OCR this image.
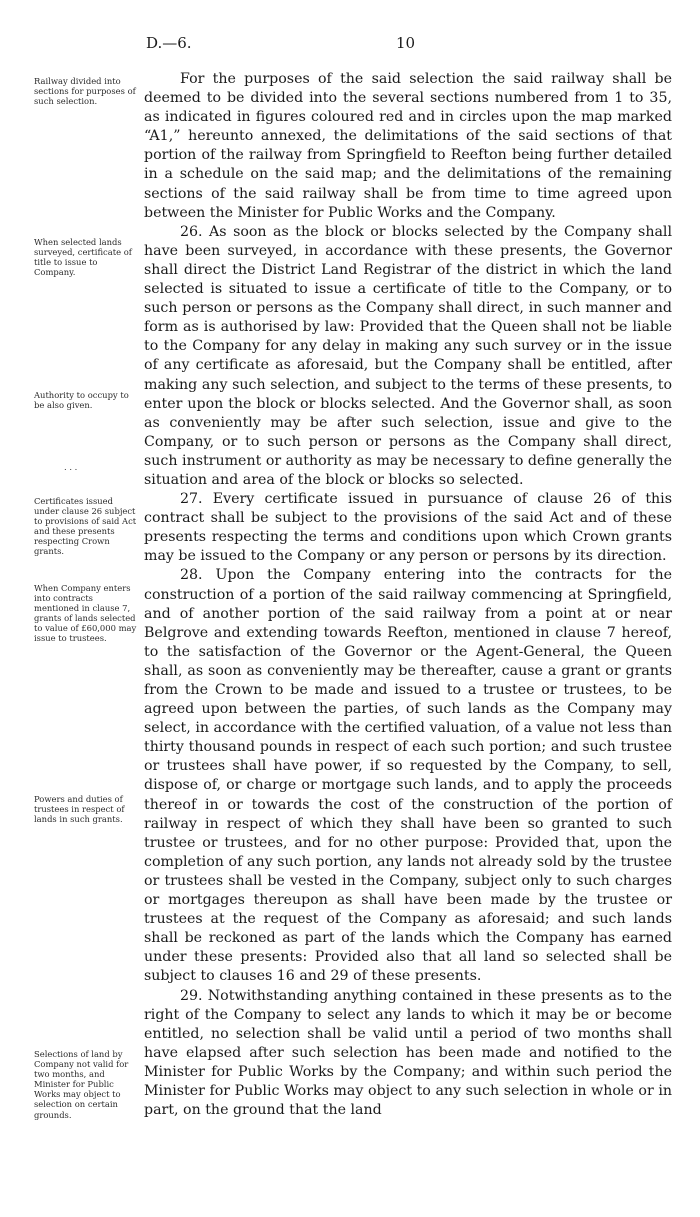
D.—6.	10
Railway divided into sections for purposes of such selection.
When selected lands surveyed, certificate of title to issue to Company.
Authority to occupy to be also given.
. . .
Certificates issued under clause 26 subject to provisions of said Act and these presents respecting Crown grants.
When Company enters into contracts mentioned in clause 7, grants of lands selected to value of £60,000 may issue to trustees.
Powers and duties of trustees in respect of lands in such grants.
Selections of land by Company not valid for two months, and Minister for Public Works may object to selection on certain grounds.

For the purposes of the said selection the said railway shall be deemed to be divided into the several sections numbered from 1 to 35, as indicated in figures coloured red and in circles upon the map marked “A1,” hereunto annexed, the delimitations of the said sections of that portion of the railway from Springfield to Reefton being further detailed in a schedule on the said map; and the delimitations of the remaining sections of the said railway shall be from time to time agreed upon between the Minister for Public Works and the Company.

26. As soon as the block or blocks selected by the Company shall have been surveyed, in accordance with these presents, the Governor shall direct the District Land Registrar of the district in which the land selected is situated to issue a certificate of title to the Company, or to such person or persons as the Company shall direct, in such manner and form as is authorised by law: Provided that the Queen shall not be liable to the Company for any delay in making any such survey or in the issue of any certificate as aforesaid, but the Company shall be entitled, after making any such selection, and subject to the terms of these presents, to enter upon the block or blocks selected. And the Governor shall, as soon as conveniently may be after such selection, issue and give to the Company, or to such person or persons as the Company shall direct, such instrument or authority as may be necessary to define generally the situation and area of the block or blocks so selected.

27. Every certificate issued in pursuance of clause 26 of this contract shall be subject to the provisions of the said Act and of these presents respecting the terms and conditions upon which Crown grants may be issued to the Company or any person or persons by its direction.

28. Upon the Company entering into the contracts for the construction of a portion of the said railway commencing at Springfield, and of another portion of the said railway from a point at or near Belgrove and extending towards Reefton, mentioned in clause 7 hereof, to the satisfaction of the Governor or the Agent-General, the Queen shall, as soon as conveniently may be thereafter, cause a grant or grants from the Crown to be made and issued to a trustee or trustees, to be agreed upon between the parties, of such lands as the Company may select, in accordance with the certified valuation, of a value not less than thirty thousand pounds in respect of each such portion; and such trustee or trustees shall have power, if so requested by the Company, to sell, dispose of, or charge or mortgage such lands, and to apply the proceeds thereof in or towards the cost of the construction of the portion of railway in respect of which they shall have been so granted to such trustee or trustees, and for no other purpose: Provided that, upon the completion of any such portion, any lands not already sold by the trustee or trustees shall be vested in the Company, subject only to such charges or mortgages thereupon as shall have been made by the trustee or trustees at the request of the Company as aforesaid; and such lands shall be reckoned as part of the lands which the Company has earned under these presents: Provided also that all land so selected shall be subject to clauses 16 and 29 of these presents.

29. Notwithstanding anything contained in these presents as to the right of the Company to select any lands to which it may be or become entitled, no selection shall be valid until a period of two months shall have elapsed after such selection has been made and notified to the Minister for Public Works by the Company; and within such period the Minister for Public Works may object to any such selection in whole or in part, on the ground that the land
